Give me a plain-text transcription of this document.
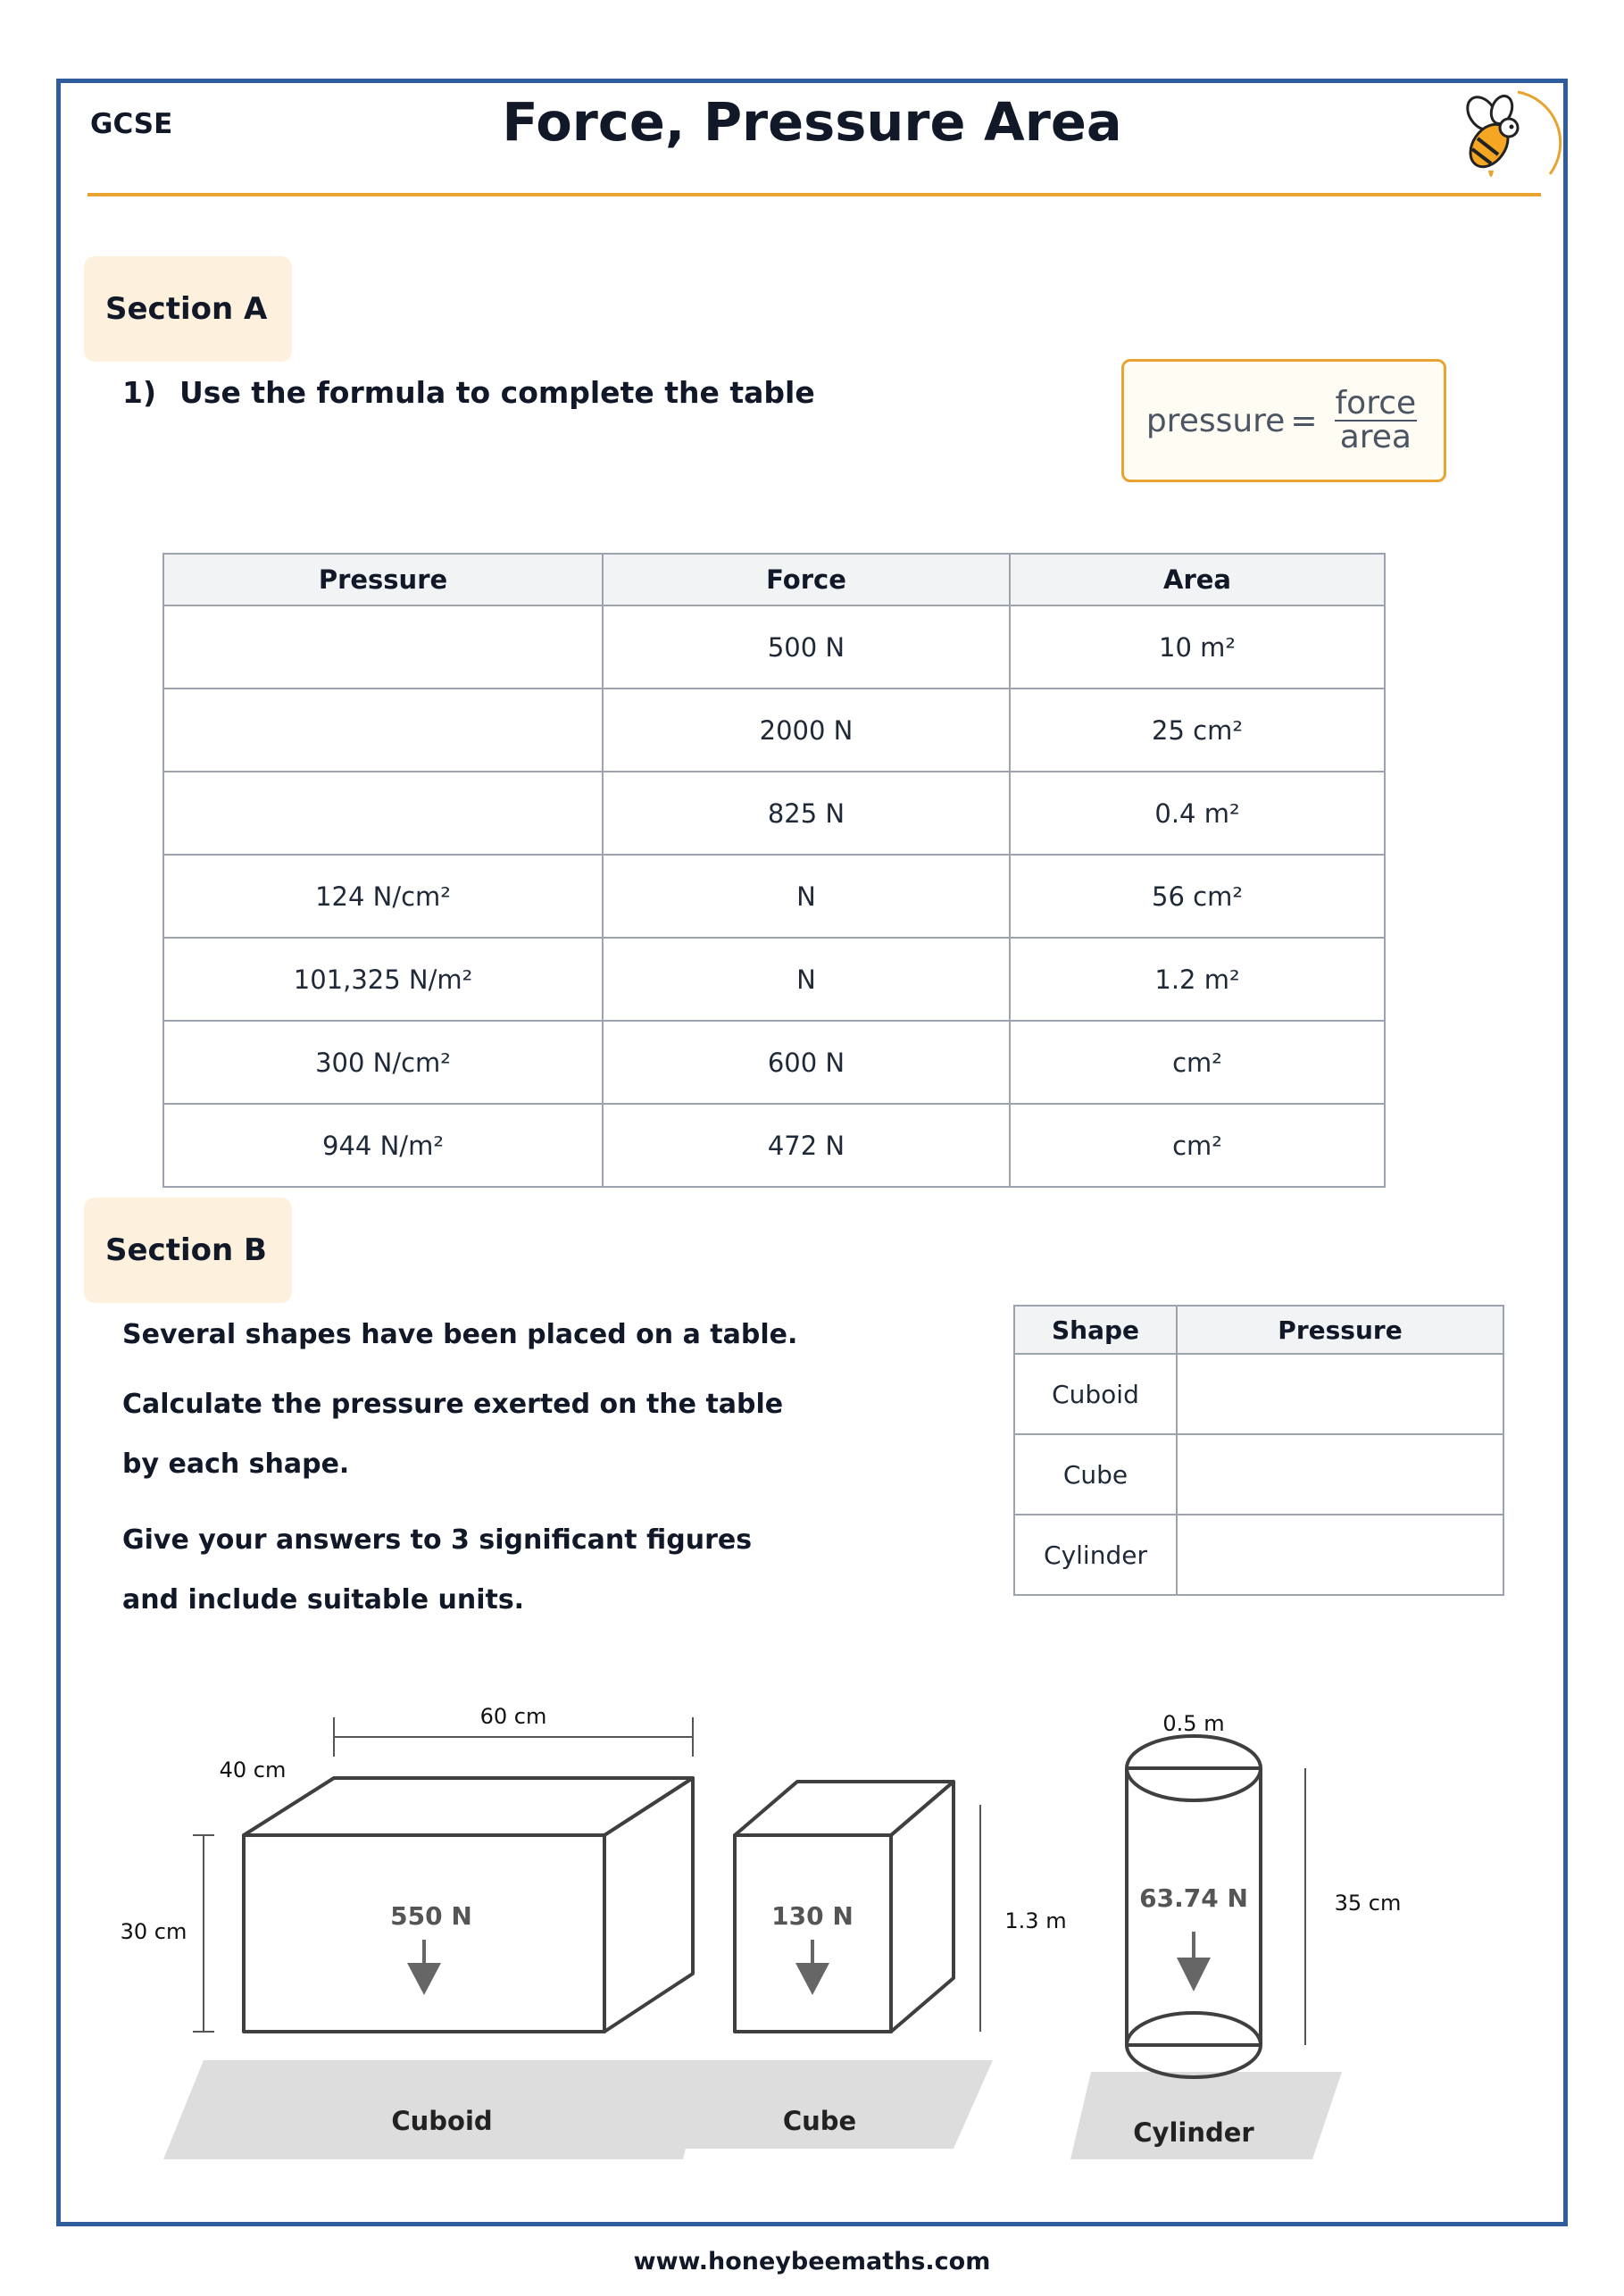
GCSE	Force, Pressure Area
Section A
1) Use the formula to complete the table
pressure = $\frac{\text{force}}{\text{area}}$
Pressure	Force	Area
	500 N	10 m²
	2000 N	25 cm²
	825 N	0.4 m²
124 N/cm²	N	56 cm²
101,325 N/m²	N	1.2 m²
300 N/cm²	600 N	cm²
944 N/m²	472 N	cm²
Section B
Several shapes have been placed on a table.
Calculate the pressure exerted on the table
by each shape.
Give your answers to 3 significant figures
and include suitable units.
Shape	Pressure
Cuboid	
Cube	
Cylinder	
60 cm
40 cm
30 cm
550 N
Cuboid
1.3 m
130 N
Cube
0.5 m
35 cm
63.74 N
Cylinder
www.honeybeemaths.com
